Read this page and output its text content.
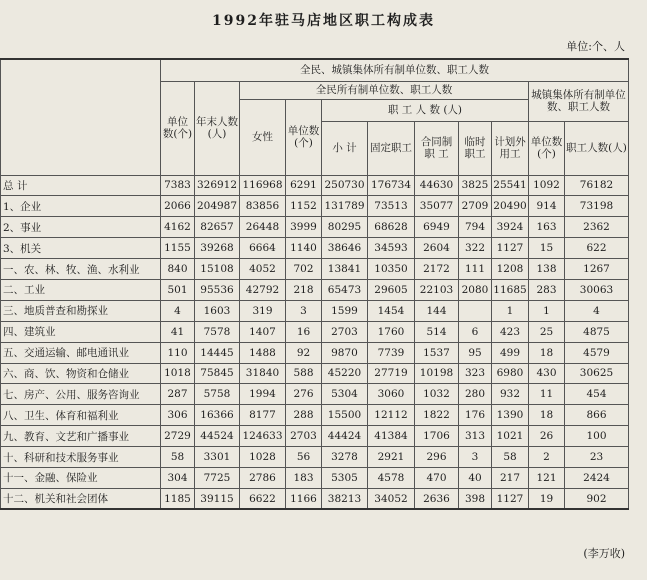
1992年驻马店地区职工构成表
单位:个、人
	全民、城镇集体所有制单位数、职工人数										
	单位数(个)	年末人数(人)	全民所有制单位数、职工人数							城镇集体所有制单位数、职工人数	
			女性	单位数(个)	职 工 人 数 (人)						
					小 计	固定职工	合同制职 工	临时职工	计划外用工	单位数(个)	职工人数(人)
总 计	7383	326912	116968	6291	250730	176734	44630	3825	25541	1092	76182
1、企业	2066	204987	83856	1152	131789	73513	35077	2709	20490	914	73198
2、事业	4162	82657	26448	3999	80295	68628	6949	794	3924	163	2362
3、机关	1155	39268	6664	1140	38646	34593	2604	322	1127	15	622
一、农、林、牧、渔、水利业	840	15108	4052	702	13841	10350	2172	111	1208	138	1267
二、工业	501	95536	42792	218	65473	29605	22103	2080	11685	283	30063
三、地质普查和勘探业	4	1603	319	3	1599	1454	144		1	1	4
四、建筑业	41	7578	1407	16	2703	1760	514	6	423	25	4875
五、交通运输、邮电通讯业	110	14445	1488	92	9870	7739	1537	95	499	18	4579
六、商、饮、物资和仓储业	1018	75845	31840	588	45220	27719	10198	323	6980	430	30625
七、房产、公用、服务咨询业	287	5758	1994	276	5304	3060	1032	280	932	11	454
八、卫生、体育和福利业	306	16366	8177	288	15500	12112	1822	176	1390	18	866
九、教育、文艺和广播事业	2729	44524	124633	2703	44424	41384	1706	313	1021	26	100
十、科研和技术服务事业	58	3301	1028	56	3278	2921	296	3	58	2	23
十一、金融、保险业	304	7725	2786	183	5305	4578	470	40	217	121	2424
十二、机关和社会团体	1185	39115	6622	1166	38213	34052	2636	398	1127	19	902
(李万收)
